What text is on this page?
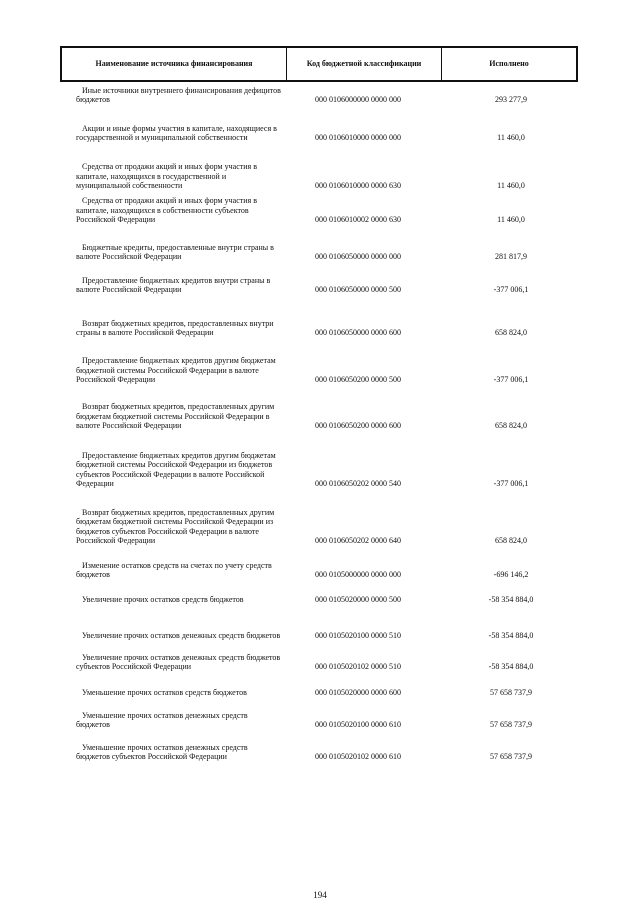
Наименование источника финансирования	Код бюджетной классификации	Исполнено
Иные источники внутреннего финансирования дефицитов бюджетов	000 0106000000 0000 000	293 277,9
Акции и иные формы участия в капитале, находящиеся в государственной и муниципальной собственности	000 0106010000 0000 000	11 460,0
Средства от продажи акций и иных форм участия в капитале, находящихся в государственной и муниципальной собственности	000 0106010000 0000 630	11 460,0
Средства от продажи акций и иных форм участия в капитале, находящихся в собственности субъектов Российской Федерации	000 0106010002 0000 630	11 460,0
Бюджетные кредиты, предоставленные внутри страны в валюте Российской Федерации	000 0106050000 0000 000	281 817,9
Предоставление бюджетных кредитов внутри страны в валюте Российской Федерации	000 0106050000 0000 500	-377 006,1
Возврат бюджетных кредитов, предоставленных внутри страны в валюте Российской Федерации	000 0106050000 0000 600	658 824,0
Предоставление бюджетных кредитов другим бюджетам бюджетной системы Российской Федерации в валюте Российской Федерации	000 0106050200 0000 500	-377 006,1
Возврат бюджетных кредитов, предоставленных другим бюджетам бюджетной системы Российской Федерации в валюте Российской Федерации	000 0106050200 0000 600	658 824,0
Предоставление бюджетных кредитов другим бюджетам бюджетной системы Российской Федерации из бюджетов субъектов Российской Федерации в валюте Российской Федерации	000 0106050202 0000 540	-377 006,1
Возврат бюджетных кредитов, предоставленных другим бюджетам бюджетной системы Российской Федерации из бюджетов субъектов Российской Федерации в валюте Российской Федерации	000 0106050202 0000 640	658 824,0
Изменение остатков средств на счетах по учету средств бюджетов	000 0105000000 0000 000	-696 146,2
Увеличение прочих остатков средств бюджетов	000 0105020000 0000 500	-58 354 884,0
Увеличение прочих остатков денежных средств бюджетов	000 0105020100 0000 510	-58 354 884,0
Увеличение прочих остатков денежных средств бюджетов субъектов Российской Федерации	000 0105020102 0000 510	-58 354 884,0
Уменьшение прочих остатков средств бюджетов	000 0105020000 0000 600	57 658 737,9
Уменьшение прочих остатков денежных средств бюджетов	000 0105020100 0000 610	57 658 737,9
Уменьшение прочих остатков денежных средств бюджетов субъектов Российской Федерации	000 0105020102 0000 610	57 658 737,9
194
